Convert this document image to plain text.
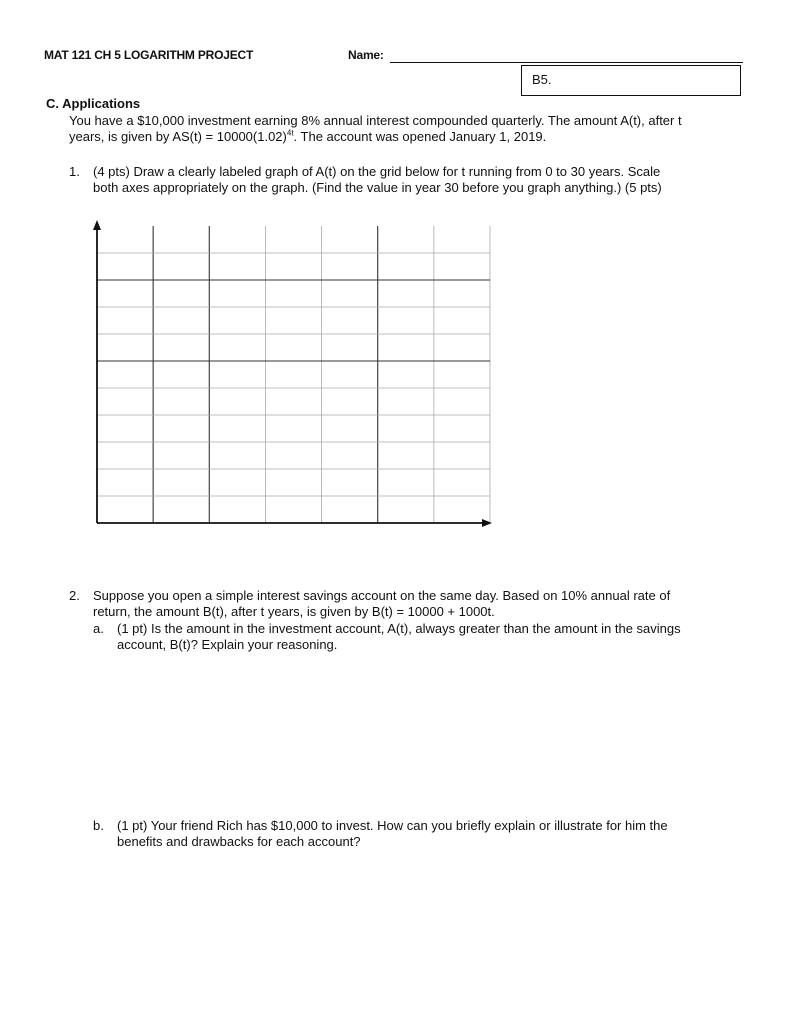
MAT 121 CH 5 LOGARITHM PROJECT	Name:
B5.
C. Applications
You have a $10,000 investment earning 8% annual interest compounded quarterly. The amount A(t), after t
years, is given by $AS(t) = 10000(1.02)^{4t}$. The account was opened January 1, 2019.
1. (4 pts) Draw a clearly labeled graph of A(t) on the grid below for t running from 0 to 30 years. Scale
both axes appropriately on the graph. (Find the value in year 30 before you graph anything.) (5 pts)
2. Suppose you open a simple interest savings account on the same day. Based on 10% annual rate of
return, the amount B(t), after t years, is given by B(t) = 10000 + 1000t.
a. (1 pt) Is the amount in the investment account, A(t), always greater than the amount in the savings
account, B(t)? Explain your reasoning.
b. (1 pt) Your friend Rich has $10,000 to invest. How can you briefly explain or illustrate for him the
benefits and drawbacks for each account?
